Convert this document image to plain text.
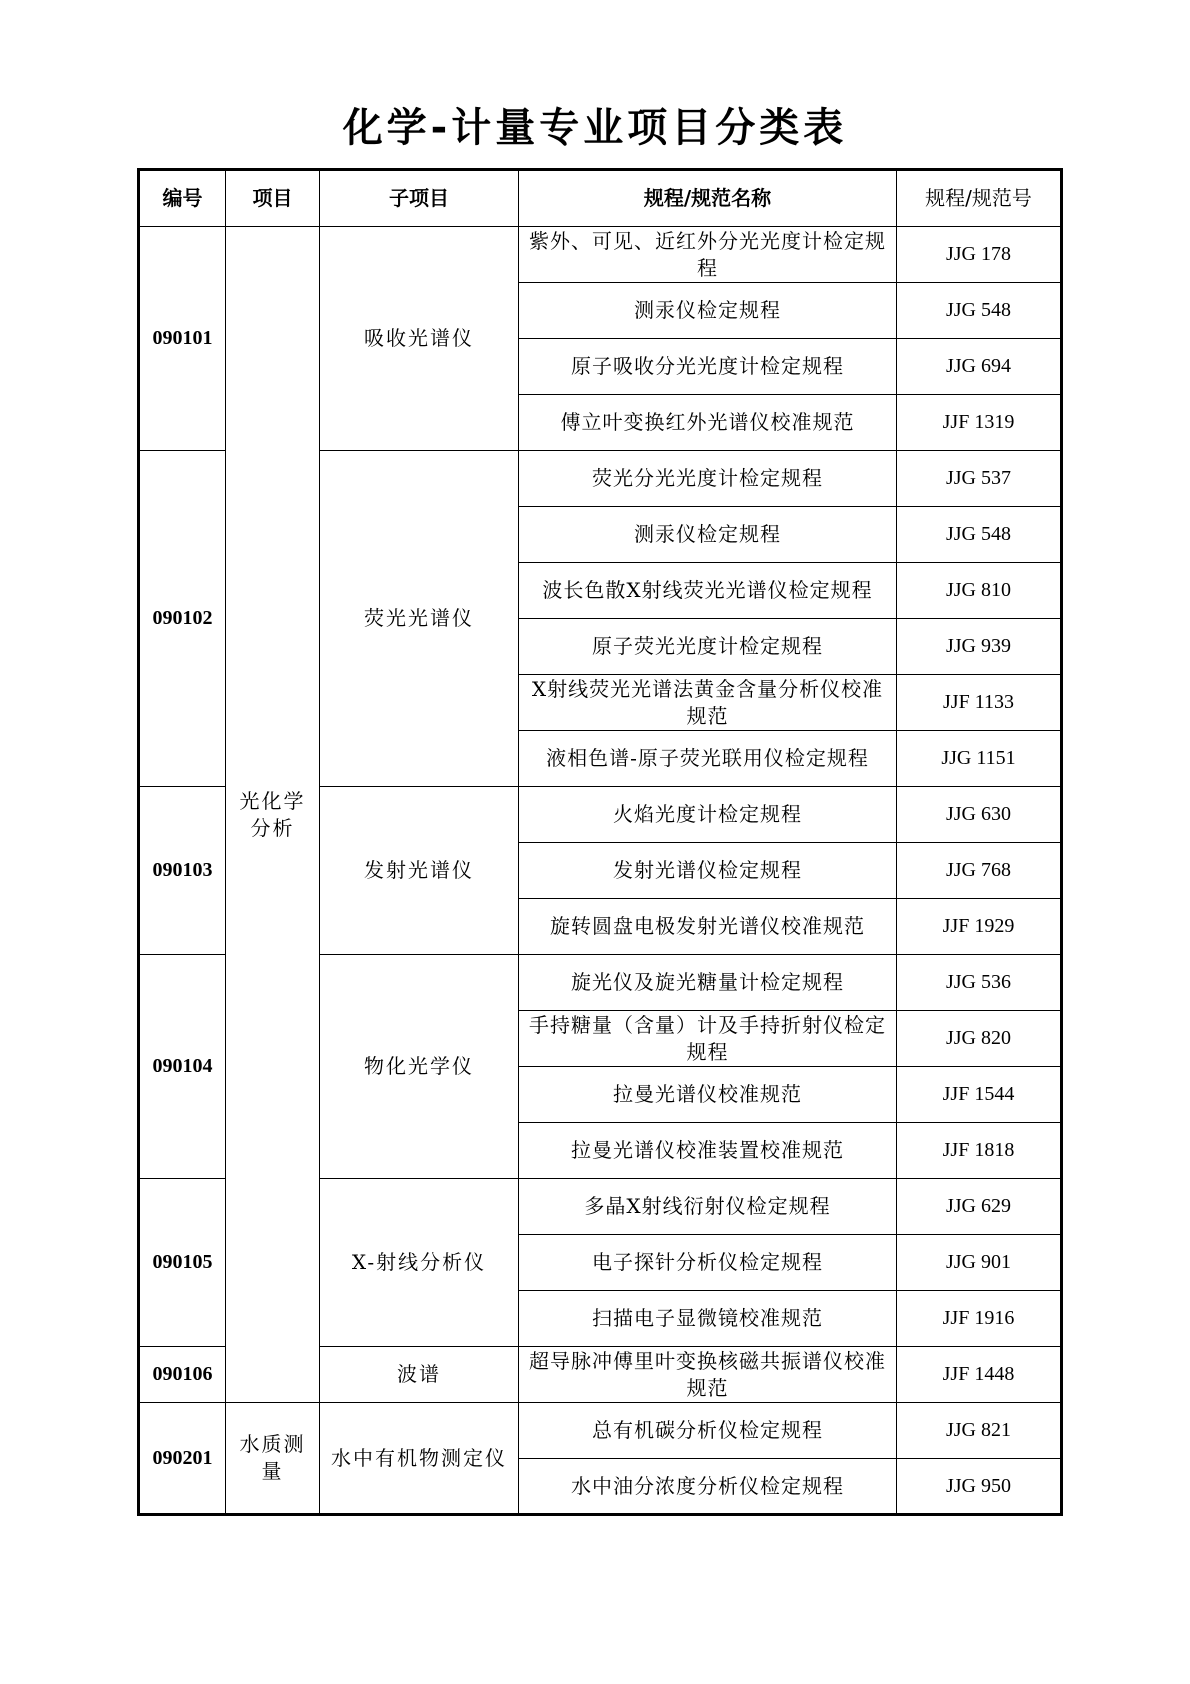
化学-计量专业项目分类表
编号	项目	子项目	规程/规范名称	规程/规范号
090101	光化学分析	吸收光谱仪	紫外、可见、近红外分光光度计检定规程	JJG 178
			测汞仪检定规程	JJG 548
			原子吸收分光光度计检定规程	JJG 694
			傅立叶变换红外光谱仪校准规范	JJF 1319
090102		荧光光谱仪	荧光分光光度计检定规程	JJG 537
			测汞仪检定规程	JJG 548
			波长色散X射线荧光光谱仪检定规程	JJG 810
			原子荧光光度计检定规程	JJG 939
			X射线荧光光谱法黄金含量分析仪校准规范	JJF 1133
			液相色谱-原子荧光联用仪检定规程	JJG 1151
090103		发射光谱仪	火焰光度计检定规程	JJG 630
			发射光谱仪检定规程	JJG 768
			旋转圆盘电极发射光谱仪校准规范	JJF 1929
090104		物化光学仪	旋光仪及旋光糖量计检定规程	JJG 536
			手持糖量（含量）计及手持折射仪检定规程	JJG 820
			拉曼光谱仪校准规范	JJF 1544
			拉曼光谱仪校准装置校准规范	JJF 1818
090105		X-射线分析仪	多晶X射线衍射仪检定规程	JJG 629
			电子探针分析仪检定规程	JJG 901
			扫描电子显微镜校准规范	JJF 1916
090106		波谱	超导脉冲傅里叶变换核磁共振谱仪校准规范	JJF 1448
090201	水质测量	水中有机物测定仪	总有机碳分析仪检定规程	JJG 821
			水中油分浓度分析仪检定规程	JJG 950
